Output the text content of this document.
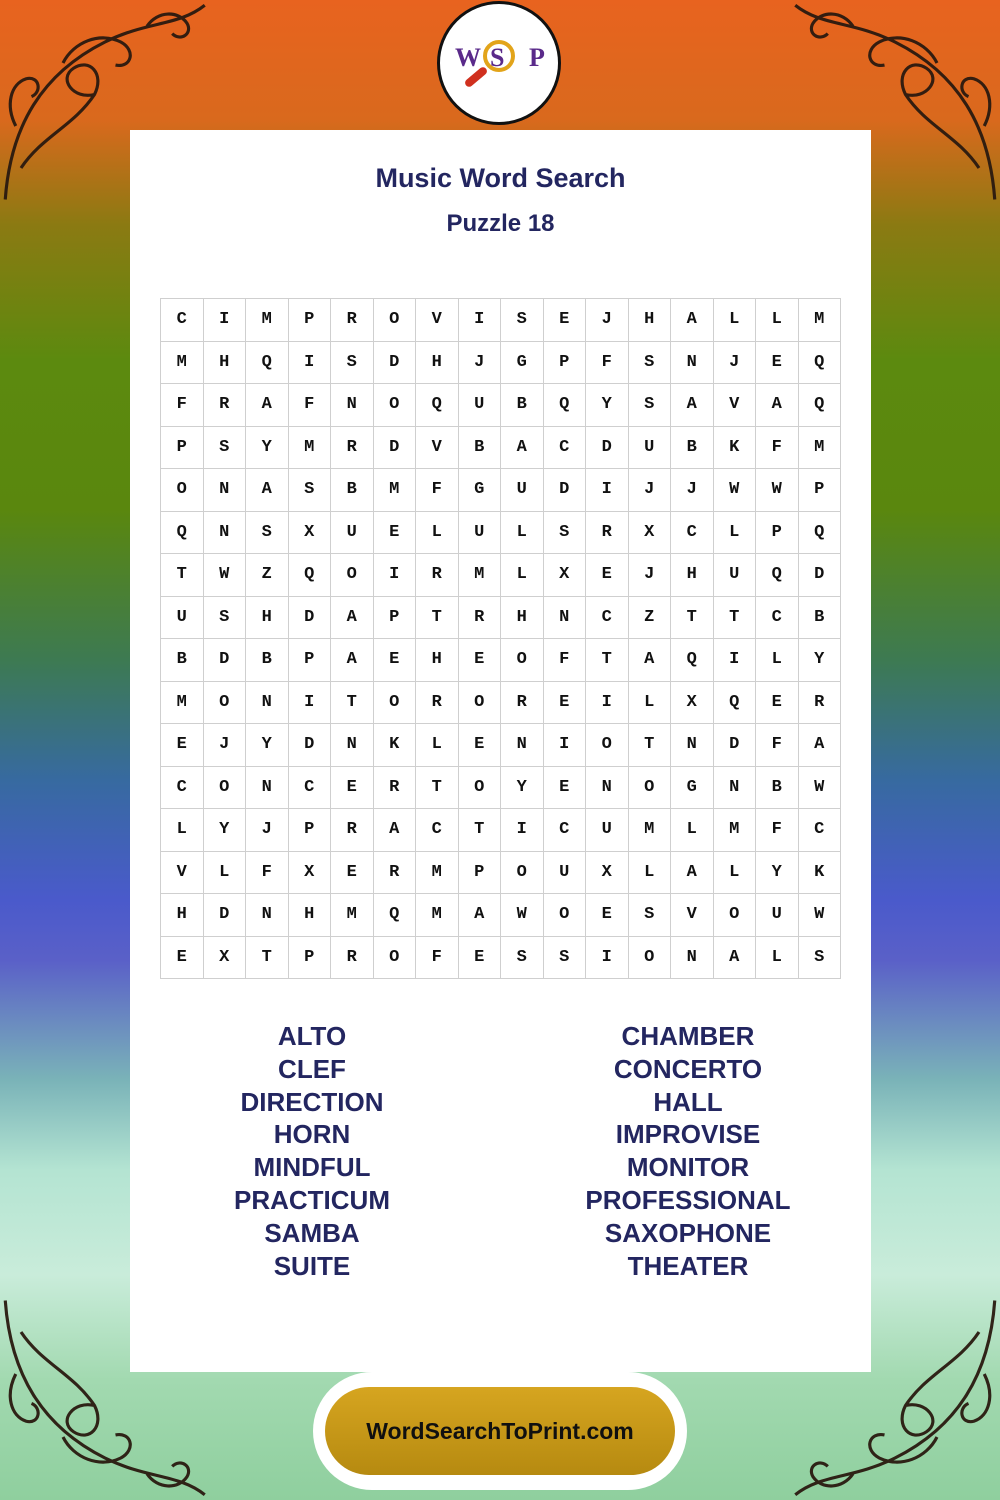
W S P
Music Word Search
Puzzle 18
C	I	M	P	R	O	V	I	S	E	J	H	A	L	L	M
M	H	Q	I	S	D	H	J	G	P	F	S	N	J	E	Q
F	R	A	F	N	O	Q	U	B	Q	Y	S	A	V	A	Q
P	S	Y	M	R	D	V	B	A	C	D	U	B	K	F	M
O	N	A	S	B	M	F	G	U	D	I	J	J	W	W	P
Q	N	S	X	U	E	L	U	L	S	R	X	C	L	P	Q
T	W	Z	Q	O	I	R	M	L	X	E	J	H	U	Q	D
U	S	H	D	A	P	T	R	H	N	C	Z	T	T	C	B
B	D	B	P	A	E	H	E	O	F	T	A	Q	I	L	Y
M	O	N	I	T	O	R	O	R	E	I	L	X	Q	E	R
E	J	Y	D	N	K	L	E	N	I	O	T	N	D	F	A
C	O	N	C	E	R	T	O	Y	E	N	O	G	N	B	W
L	Y	J	P	R	A	C	T	I	C	U	M	L	M	F	C
V	L	F	X	E	R	M	P	O	U	X	L	A	L	Y	K
H	D	N	H	M	Q	M	A	W	O	E	S	V	O	U	W
E	X	T	P	R	O	F	E	S	S	I	O	N	A	L	S
ALTO
CLEF
DIRECTION
HORN
MINDFUL
PRACTICUM
SAMBA
SUITE
CHAMBER
CONCERTO
HALL
IMPROVISE
MONITOR
PROFESSIONAL
SAXOPHONE
THEATER
WordSearchToPrint.com
